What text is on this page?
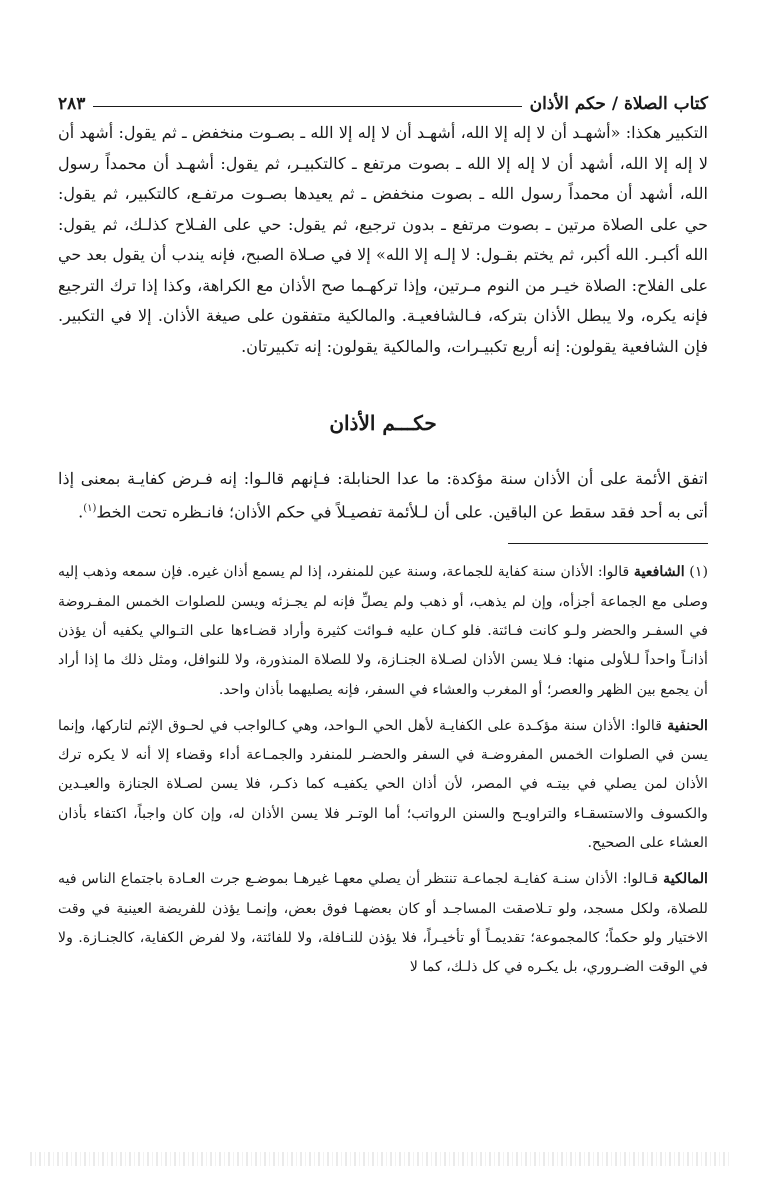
كتاب الصلاة / حكم الأذان
٢٨٣

التكبير هكذا: «أشهـد أن لا إله إلا الله، أشهـد أن لا إله إلا الله ـ بصـوت منخفض ـ ثم يقول: أشهد أن لا إله إلا الله، أشهد أن لا إله إلا الله ـ بصوت مرتفع ـ كالتكبيـر، ثم يقول: أشهـد أن محمداً رسول الله، أشهد أن محمداً رسول الله ـ بصوت منخفض ـ ثم يعيدها بصـوت مرتفـع، كالتكبير، ثم يقول: حي على الصلاة مرتين ـ بصوت مرتفع ـ بدون ترجيع، ثم يقول: حي على الفـلاح كذلـك، ثم يقول: الله أكبـر. الله أكبر، ثم يختم بقـول: لا إلـه إلا الله» إلا في صـلاة الصبح، فإنه يندب أن يقول بعد حي على الفلاح: الصلاة خيـر من النوم مـرتين، وإذا تركهـما صح الأذان مع الكراهة، وكذا إذا ترك الترجيع فإنه يكره، ولا يبطل الأذان بتركه، فـالشافعيـة. والمالكية متفقون على صيغة الأذان. إلا في التكبير. فإن الشافعية يقولون: إنه أربع تكبيـرات، والمالكية يقولون: إنه تكبيرتان.

حكـــم الأذان

اتفق الأئمة على أن الأذان سنة مؤكدة: ما عدا الحنابلة: فـإنهم قالـوا: إنه فـرض كفايـة بمعنى إذا أتى به أحد فقد سقط عن الباقين. على أن لـلأئمة تفصيـلاً في حكم الأذان؛ فانـظره تحت الخط$^{(١)}$.

(١) الشافعية قالوا: الأذان سنة كفاية للجماعة، وسنة عين للمنفرد، إذا لم يسمع أذان غيره. فإن سمعه وذهب إليه وصلى مع الجماعة أجزأه، وإن لم يذهب، أو ذهب ولم يصلِّ فإنه لم يجـزئه ويسن للصلوات الخمس المفـروضة في السفـر والحضر ولـو كانت فـائتة. فلو كـان عليه فـوائت كثيرة وأراد قضـاءها على التـوالي يكفيه أن يؤذن أذانـاً واحداً لـلأولى منها: فـلا يسن الأذان لصـلاة الجنـازة، ولا للصلاة المنذورة، ولا للنوافل، ومثل ذلك ما إذا أراد أن يجمع بين الظهر والعصر؛ أو المغرب والعشاء في السفر، فإنه يصليهما بأذان واحد.

الحنفية قالوا: الأذان سنة مؤكـدة على الكفايـة لأهل الحي الـواحد، وهي كـالواجب في لحـوق الإثم لتاركها، وإنما يسن في الصلوات الخمس المفروضـة في السفر والحضـر للمنفرد والجمـاعة أداء وقضاء إلا أنه لا يكره ترك الأذان لمن يصلي في بيتـه في المصر، لأن أذان الحي يكفيـه كما ذكـر، فلا يسن لصـلاة الجنازة والعيـدين والكسوف والاستسقـاء والتراويـح والسنن الرواتب؛ أما الوتـر فلا يسن الأذان له، وإن كان واجباً، اكتفاء بأذان العشاء على الصحيح.

المالكية قـالوا: الأذان سنـة كفايـة لجماعـة تنتظر أن يصلي معهـا غيرهـا بموضـع جرت العـادة باجتماع الناس فيه للصلاة، ولكل مسجد، ولو تـلاصقت المساجـد أو كان بعضهـا فوق بعض، وإنمـا يؤذن للفريضة العينية في وقت الاختيار ولو حكماً؛ كالمجموعة؛ تقديمـاً أو تأخيـراً، فلا يؤذن للنـافلة، ولا للفائتة، ولا لفرض الكفاية، كالجنـازة. ولا في الوقت الضـروري، بل يكـره في كل ذلـك، كما لا
